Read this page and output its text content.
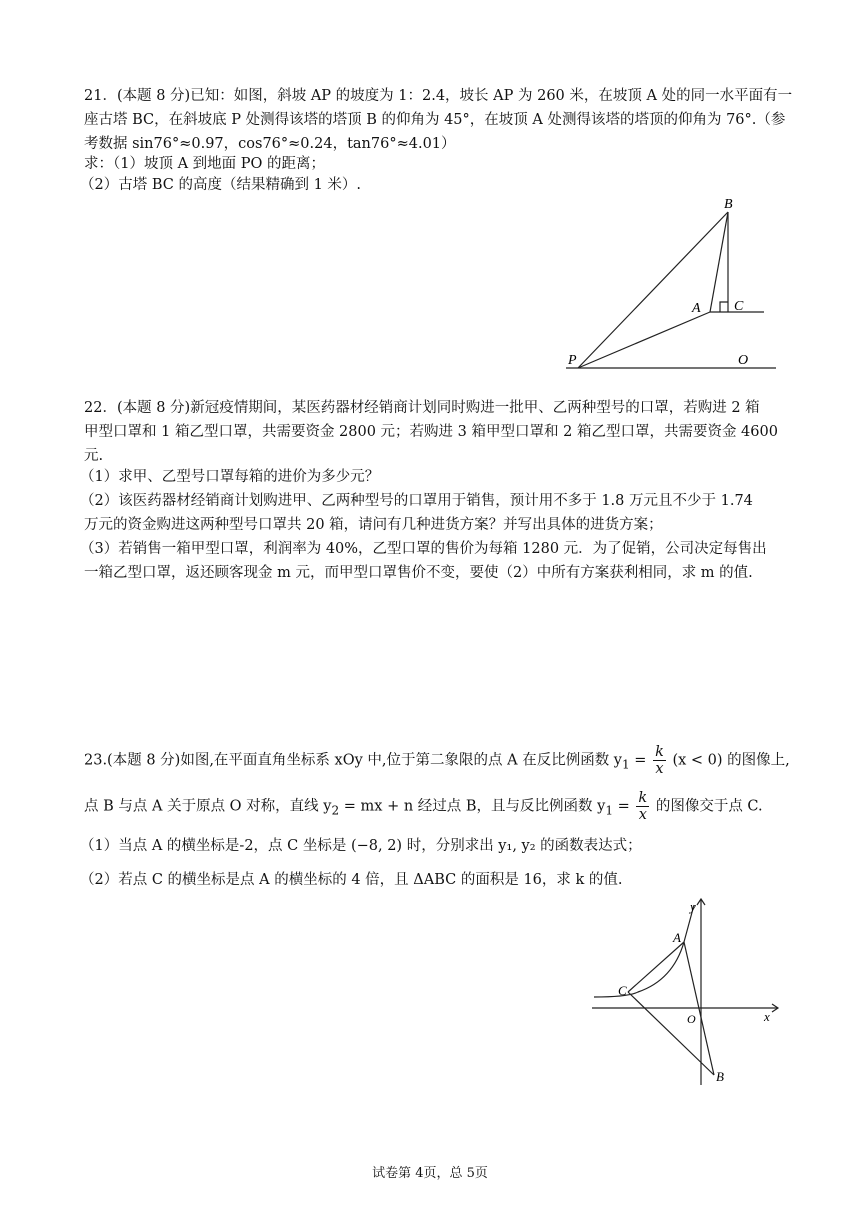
21．(本题 8 分)已知：如图，斜坡 AP 的坡度为 1：2.4，坡长 AP 为 260 米，在坡顶 A 处的同一水平面有一
座古塔 BC，在斜坡底 P 处测得该塔的塔顶 B 的仰角为 45°，在坡顶 A 处测得该塔的塔顶的仰角为 76°.（参
考数据 sin76°≈0.97，cos76°≈0.24，tan76°≈4.01）
求：（1）坡顶 A 到地面 PO 的距离；
（2）古塔 BC 的高度（结果精确到 1 米）.
B
A C
P	O
22．(本题 8 分)新冠疫情期间，某医药器材经销商计划同时购进一批甲、乙两种型号的口罩，若购进 2 箱
甲型口罩和 1 箱乙型口罩，共需要资金 2800 元；若购进 3 箱甲型口罩和 2 箱乙型口罩，共需要资金 4600
元.
（1）求甲、乙型号口罩每箱的进价为多少元？
（2）该医药器材经销商计划购进甲、乙两种型号的口罩用于销售，预计用不多于 1.8 万元且不少于 1.74
万元的资金购进这两种型号口罩共 20 箱，请问有几种进货方案？并写出具体的进货方案；
（3）若销售一箱甲型口罩，利润率为 40%，乙型口罩的售价为每箱 1280 元．为了促销，公司决定每售出
一箱乙型口罩，返还顾客现金 m 元，而甲型口罩售价不变，要使（2）中所有方案获利相同，求 m 的值.
23.(本题 8 分)如图,在平面直角坐标系 xOy 中,位于第二象限的点 A 在反比例函数 $y_1 = \frac{k}{x} (x < 0)$ 的图像上,
点 B 与点 A 关于原点 O 对称，直线 $y_2$ = mx + n 经过点 B，且与反比例函数 $y_1 = \frac{k}{x}$ 的图像交于点 C.
（1）当点 A 的横坐标是-2，点 C 坐标是 (−8, 2) 时，分别求出 y₁, y₂ 的函数表达式；
（2）若点 C 的横坐标是点 A 的横坐标的 4 倍，且 ΔABC 的面积是 16，求 k 的值.
y
x
A
C
O
B
试卷第 4页，总 5页
